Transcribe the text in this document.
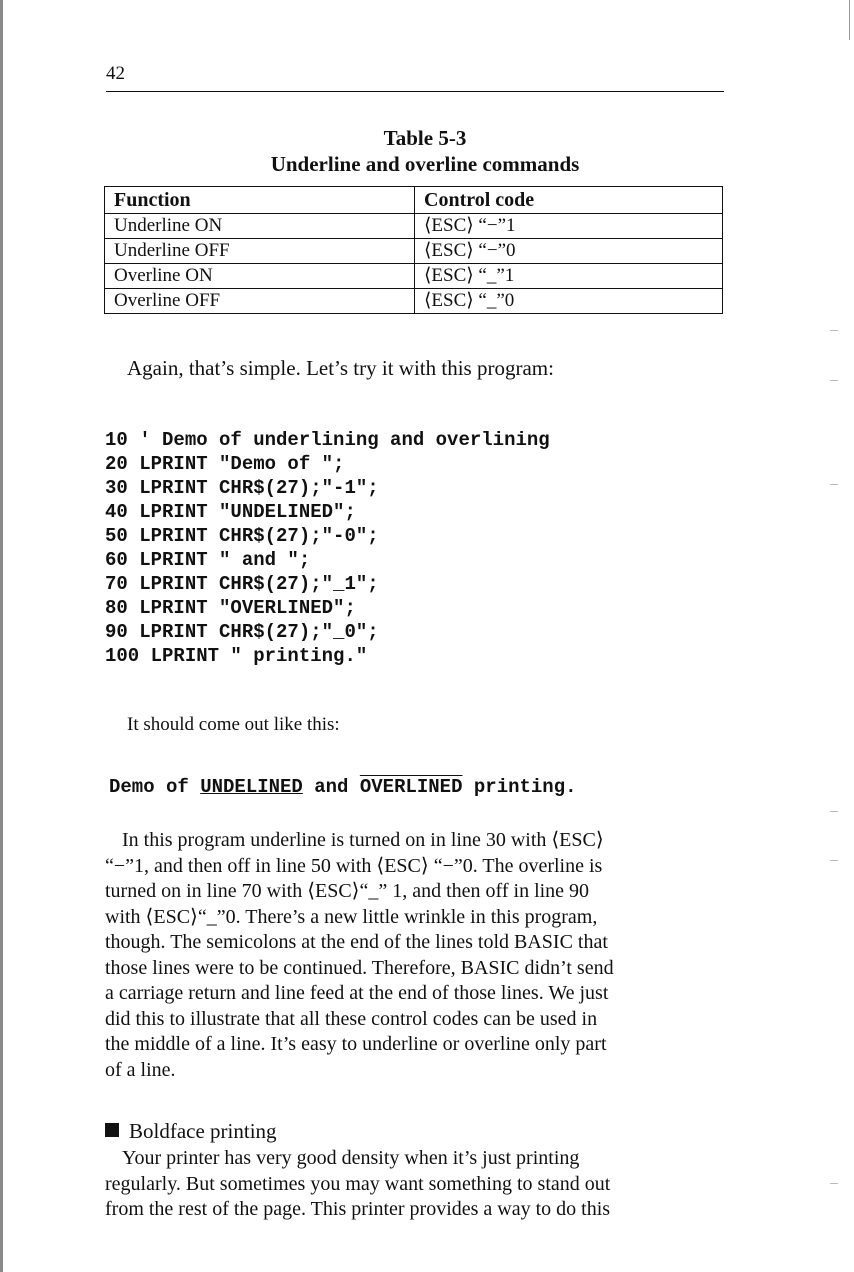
42
Table 5-3
Underline and overline commands
Function	Control code
Underline ON	⟨ESC⟩ “−”1
Underline OFF	⟨ESC⟩ “−”0
Overline ON	⟨ESC⟩ “_”1
Overline OFF	⟨ESC⟩ “_”0
Again, that’s simple. Let’s try it with this program:
10 ' Demo of underlining and overlining
20 LPRINT "Demo of ";
30 LPRINT CHR$(27);"-1";
40 LPRINT "UNDELINED";
50 LPRINT CHR$(27);"-0";
60 LPRINT " and ";
70 LPRINT CHR$(27);"_1";
80 LPRINT "OVERLINED";
90 LPRINT CHR$(27);"_0";
100 LPRINT " printing."
It should come out like this:
Demo of UNDELINED and OVERLINED printing.
In this program underline is turned on in line 30 with ⟨ESC⟩
“−”1, and then off in line 50 with ⟨ESC⟩ “−”0. The overline is
turned on in line 70 with ⟨ESC⟩“_” 1, and then off in line 90
with ⟨ESC⟩“_”0. There’s a new little wrinkle in this program,
though. The semicolons at the end of the lines told BASIC that
those lines were to be continued. Therefore, BASIC didn’t send
a carriage return and line feed at the end of those lines. We just
did this to illustrate that all these control codes can be used in
the middle of a line. It’s easy to underline or overline only part
of a line.
Boldface printing
Your printer has very good density when it’s just printing
regularly. But sometimes you may want something to stand out
from the rest of the page. This printer provides a way to do this
